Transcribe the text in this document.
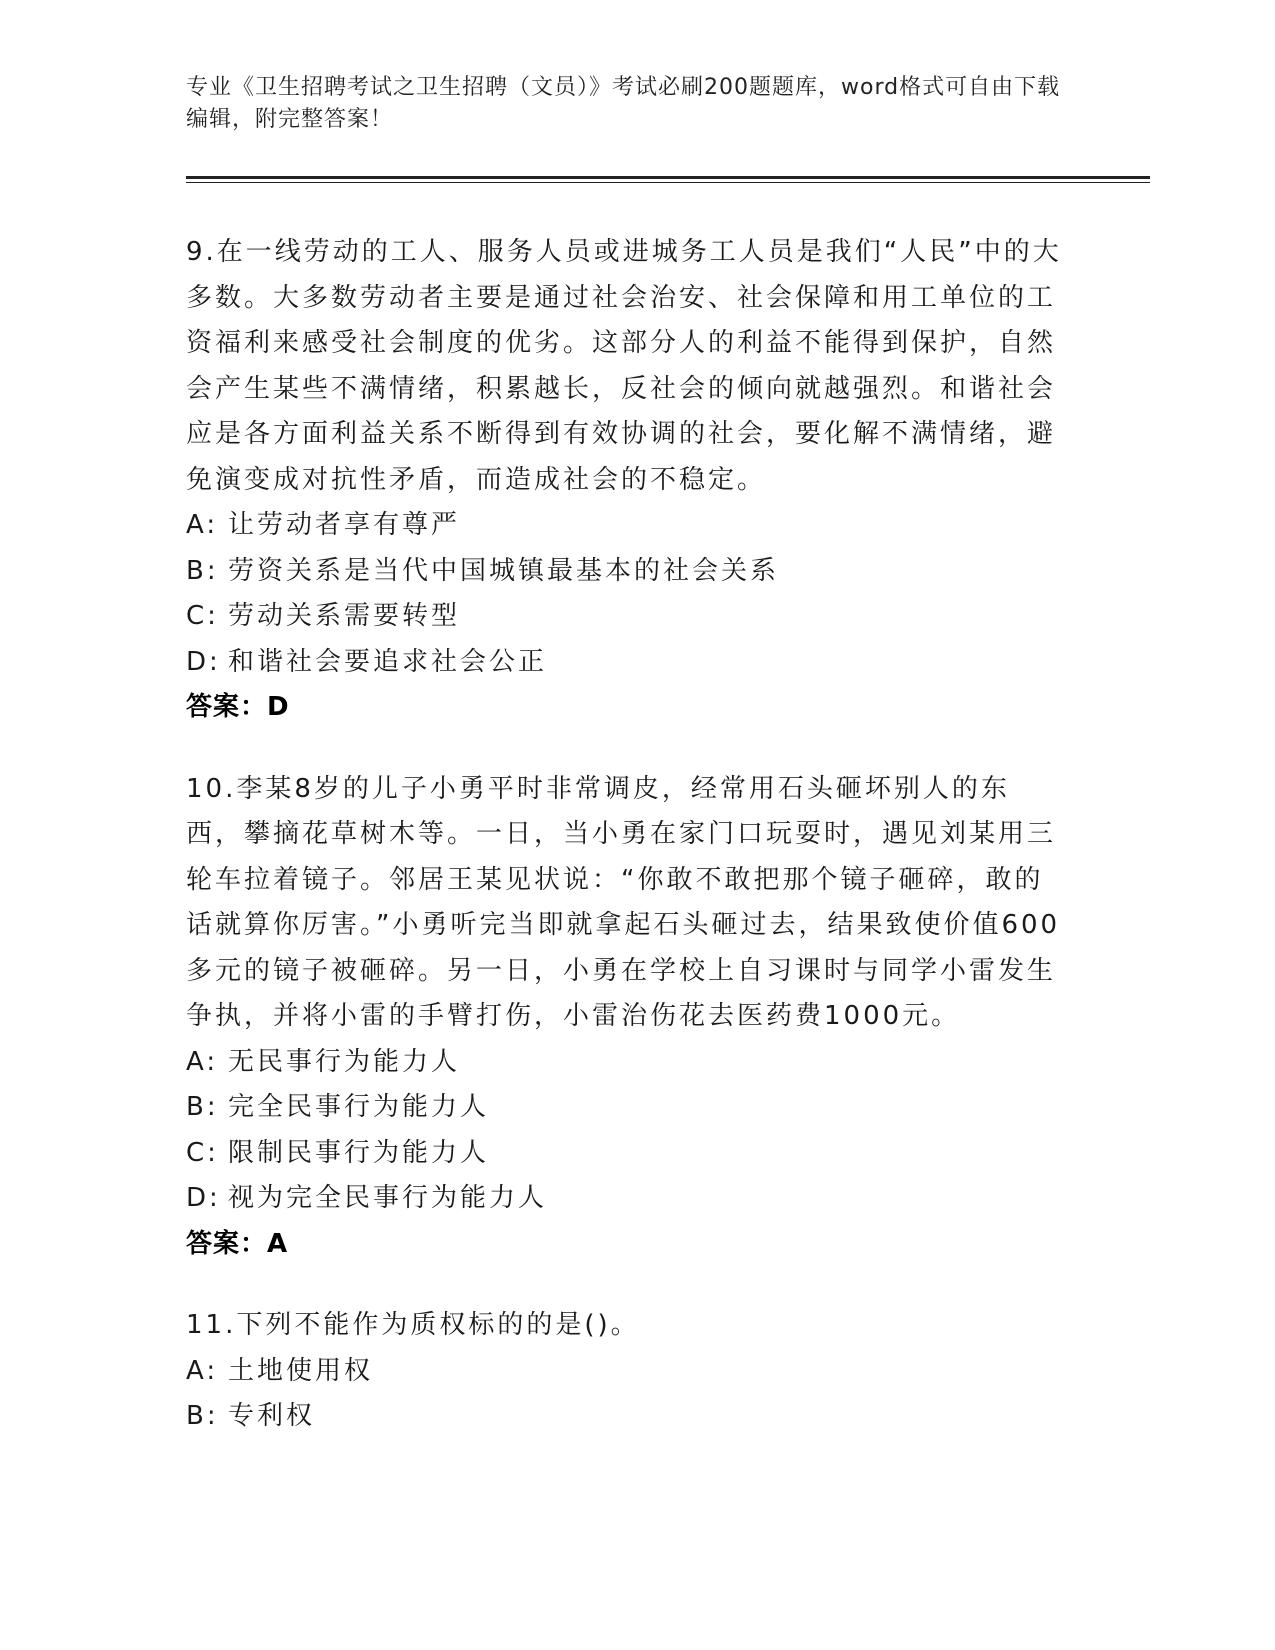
专业《卫生招聘考试之卫生招聘（文员）》考试必刷200题题库，word格式可自由下载编辑，附完整答案！

9.在一线劳动的工人、服务人员或进城务工人员是我们“人民”中的大多数。大多数劳动者主要是通过社会治安、社会保障和用工单位的工资福利来感受社会制度的优劣。这部分人的利益不能得到保护，自然会产生某些不满情绪，积累越长，反社会的倾向就越强烈。和谐社会应是各方面利益关系不断得到有效协调的社会，要化解不满情绪，避免演变成对抗性矛盾，而造成社会的不稳定。

A: 让劳动者享有尊严

B: 劳资关系是当代中国城镇最基本的社会关系

C: 劳动关系需要转型

D: 和谐社会要追求社会公正

答案：D

10.李某8岁的儿子小勇平时非常调皮，经常用石头砸坏别人的东西，攀摘花草树木等。一日，当小勇在家门口玩耍时，遇见刘某用三轮车拉着镜子。邻居王某见状说：“你敢不敢把那个镜子砸碎，敢的话就算你厉害。”小勇听完当即就拿起石头砸过去，结果致使价值600多元的镜子被砸碎。另一日，小勇在学校上自习课时与同学小雷发生争执，并将小雷的手臂打伤，小雷治伤花去医药费1000元。

A: 无民事行为能力人

B: 完全民事行为能力人

C: 限制民事行为能力人

D: 视为完全民事行为能力人

答案：A

11.下列不能作为质权标的的是()。

A: 土地使用权

B: 专利权
